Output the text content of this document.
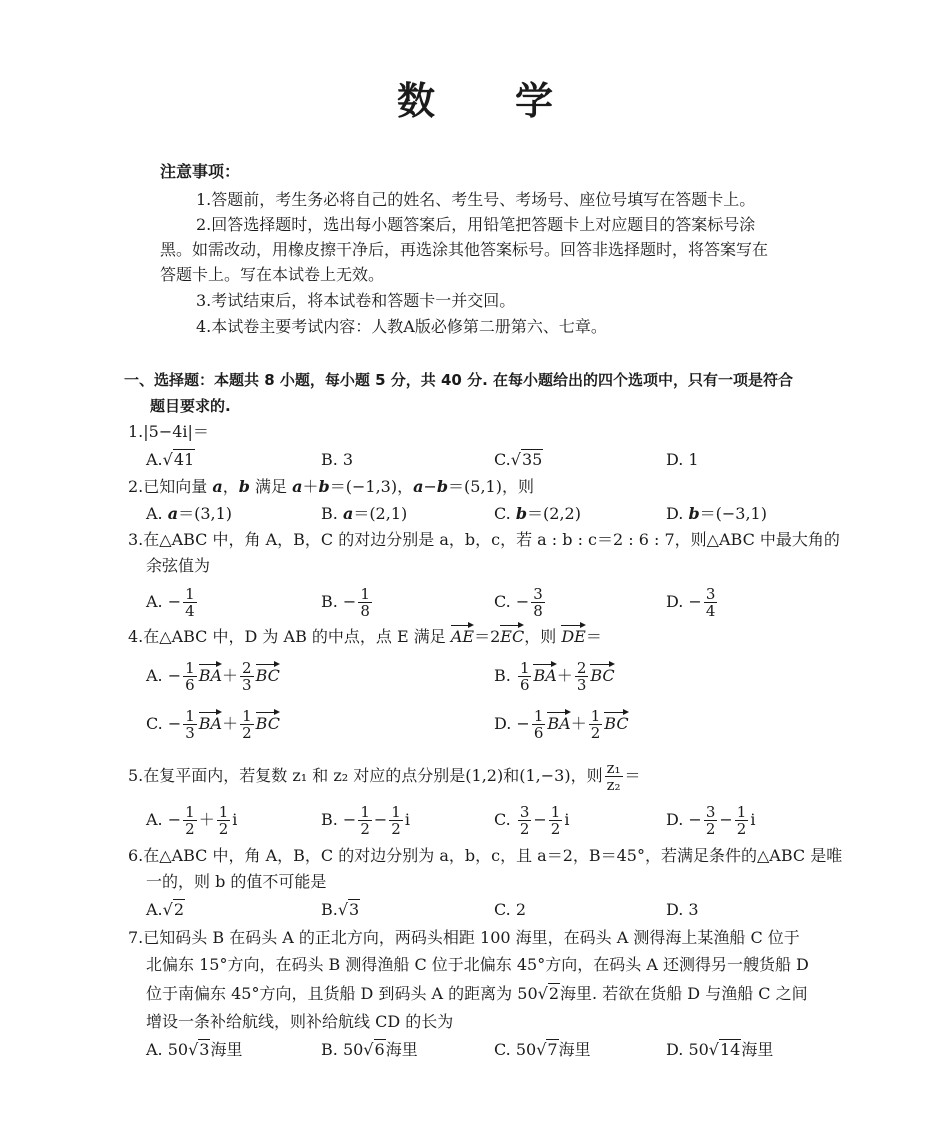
数 学
注意事项：
1.答题前，考生务必将自己的姓名、考生号、考场号、座位号填写在答题卡上。
2.回答选择题时，选出每小题答案后，用铅笔把答题卡上对应题目的答案标号涂
黑。如需改动，用橡皮擦干净后，再选涂其他答案标号。回答非选择题时，将答案写在
答题卡上。写在本试卷上无效。
3.考试结束后，将本试卷和答题卡一并交回。
4.本试卷主要考试内容：人教A版必修第二册第六、七章。
一、选择题：本题共 8 小题，每小题 5 分，共 40 分. 在每小题给出的四个选项中，只有一项是符合
题目要求的.
1.|5−4i|＝
A.√41	B. 3	C.√35	D. 1
2.已知向量 a，b 满足 a＋b＝(−1,3)，a−b＝(5,1)，则
A. a＝(3,1)	B. a＝(2,1)	C. b＝(2,2)	D. b＝(−3,1)
3.在△ABC 中，角 A，B，C 的对边分别是 a，b，c，若 a : b : c＝2 : 6 : 7，则△ABC 中最大角的
余弦值为
A. − $\frac{1}{4}$	B. − $\frac{1}{8}$	C. − $\frac{3}{8}$	D. − $\frac{3}{4}$
4.在△ABC 中，D 为 AB 的中点，点 E 满足 AE＝2EC，则 DE＝
A. − $\frac{1}{6} BA+ \frac{2}{3}$ BC	B. $\frac{1}{6} BA+ \frac{2}{3}$ BC
C. − $\frac{1}{3} BA+ \frac{1}{2}$ BC	D. − $\frac{1}{6} BA+ \frac{1}{2}$ BC
5.在复平面内，若复数 z₁ 和 z₂ 对应的点分别是(1,2)和(1,−3)，则 $\frac{\text{z₁}}{\text{z₂}}$ ＝
A. − $\frac{1}{2} + \frac{1}{2}$ i	B. − $\frac{1}{2} - \frac{1}{2}$ i	C. $\frac{3}{2} - \frac{1}{2}$ i	D. − $\frac{3}{2} - \frac{1}{2}$ i
6.在△ABC 中，角 A，B，C 的对边分别为 a，b，c，且 a＝2，B＝45°，若满足条件的△ABC 是唯
一的，则 b 的值不可能是
A.√2	B.√3	C. 2	D. 3
7.已知码头 B 在码头 A 的正北方向，两码头相距 100 海里，在码头 A 测得海上某渔船 C 位于
北偏东 15°方向，在码头 B 测得渔船 C 位于北偏东 45°方向，在码头 A 还测得另一艘货船 D
位于南偏东 45°方向，且货船 D 到码头 A 的距离为 50√2海里. 若欲在货船 D 与渔船 C 之间
增设一条补给航线，则补给航线 CD 的长为
A. 50√3海里	B. 50√6海里	C. 50√7海里	D. 50√14海里
